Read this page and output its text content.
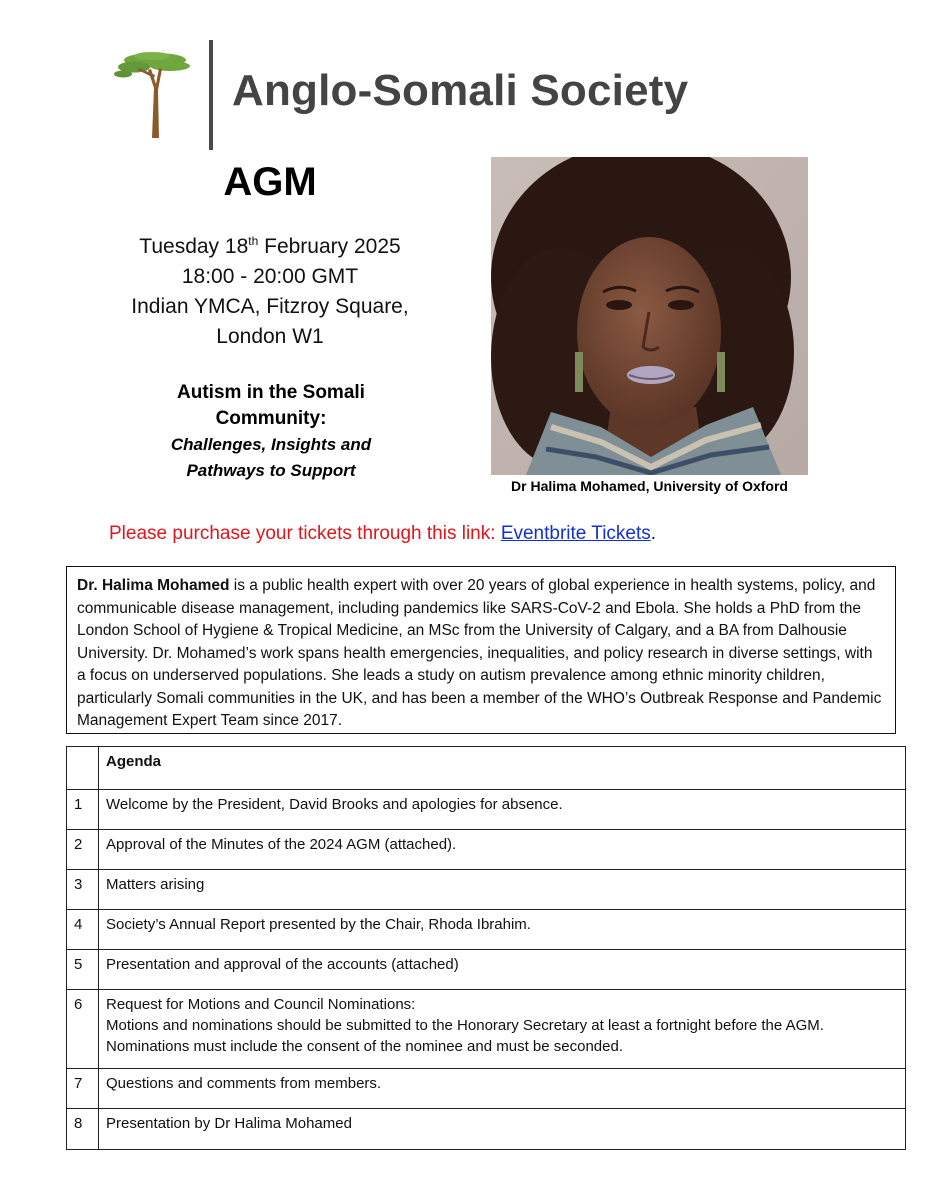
Anglo-Somali Society
AGM
Tuesday 18th February 2025
18:00 - 20:00 GMT
Indian YMCA, Fitzroy Square,
London W1
Autism in the Somali
Community:
Challenges, Insights and
Pathways to Support
Dr Halima Mohamed, University of Oxford
Please purchase your tickets through this link: Eventbrite Tickets.
Dr. Halima Mohamed is a public health expert with over 20 years of global experience in health systems, policy, and communicable disease management, including pandemics like SARS-CoV-2 and Ebola. She holds a PhD from the London School of Hygiene & Tropical Medicine, an MSc from the University of Calgary, and a BA from Dalhousie University. Dr. Mohamed’s work spans health emergencies, inequalities, and policy research in diverse settings, with a focus on underserved populations. She leads a study on autism prevalence among ethnic minority children, particularly Somali communities in the UK, and has been a member of the WHO’s Outbreak Response and Pandemic Management Expert Team since 2017.
	Agenda
1	Welcome by the President, David Brooks and apologies for absence.
2	Approval of the Minutes of the 2024 AGM (attached).
3	Matters arising
4	Society’s Annual Report presented by the Chair, Rhoda Ibrahim.
5	Presentation and approval of the accounts (attached)
6	Request for Motions and Council Nominations:
Motions and nominations should be submitted to the Honorary Secretary at least a fortnight before the AGM.
Nominations must include the consent of the nominee and must be seconded.

7	Questions and comments from members.
8	Presentation by Dr Halima Mohamed
